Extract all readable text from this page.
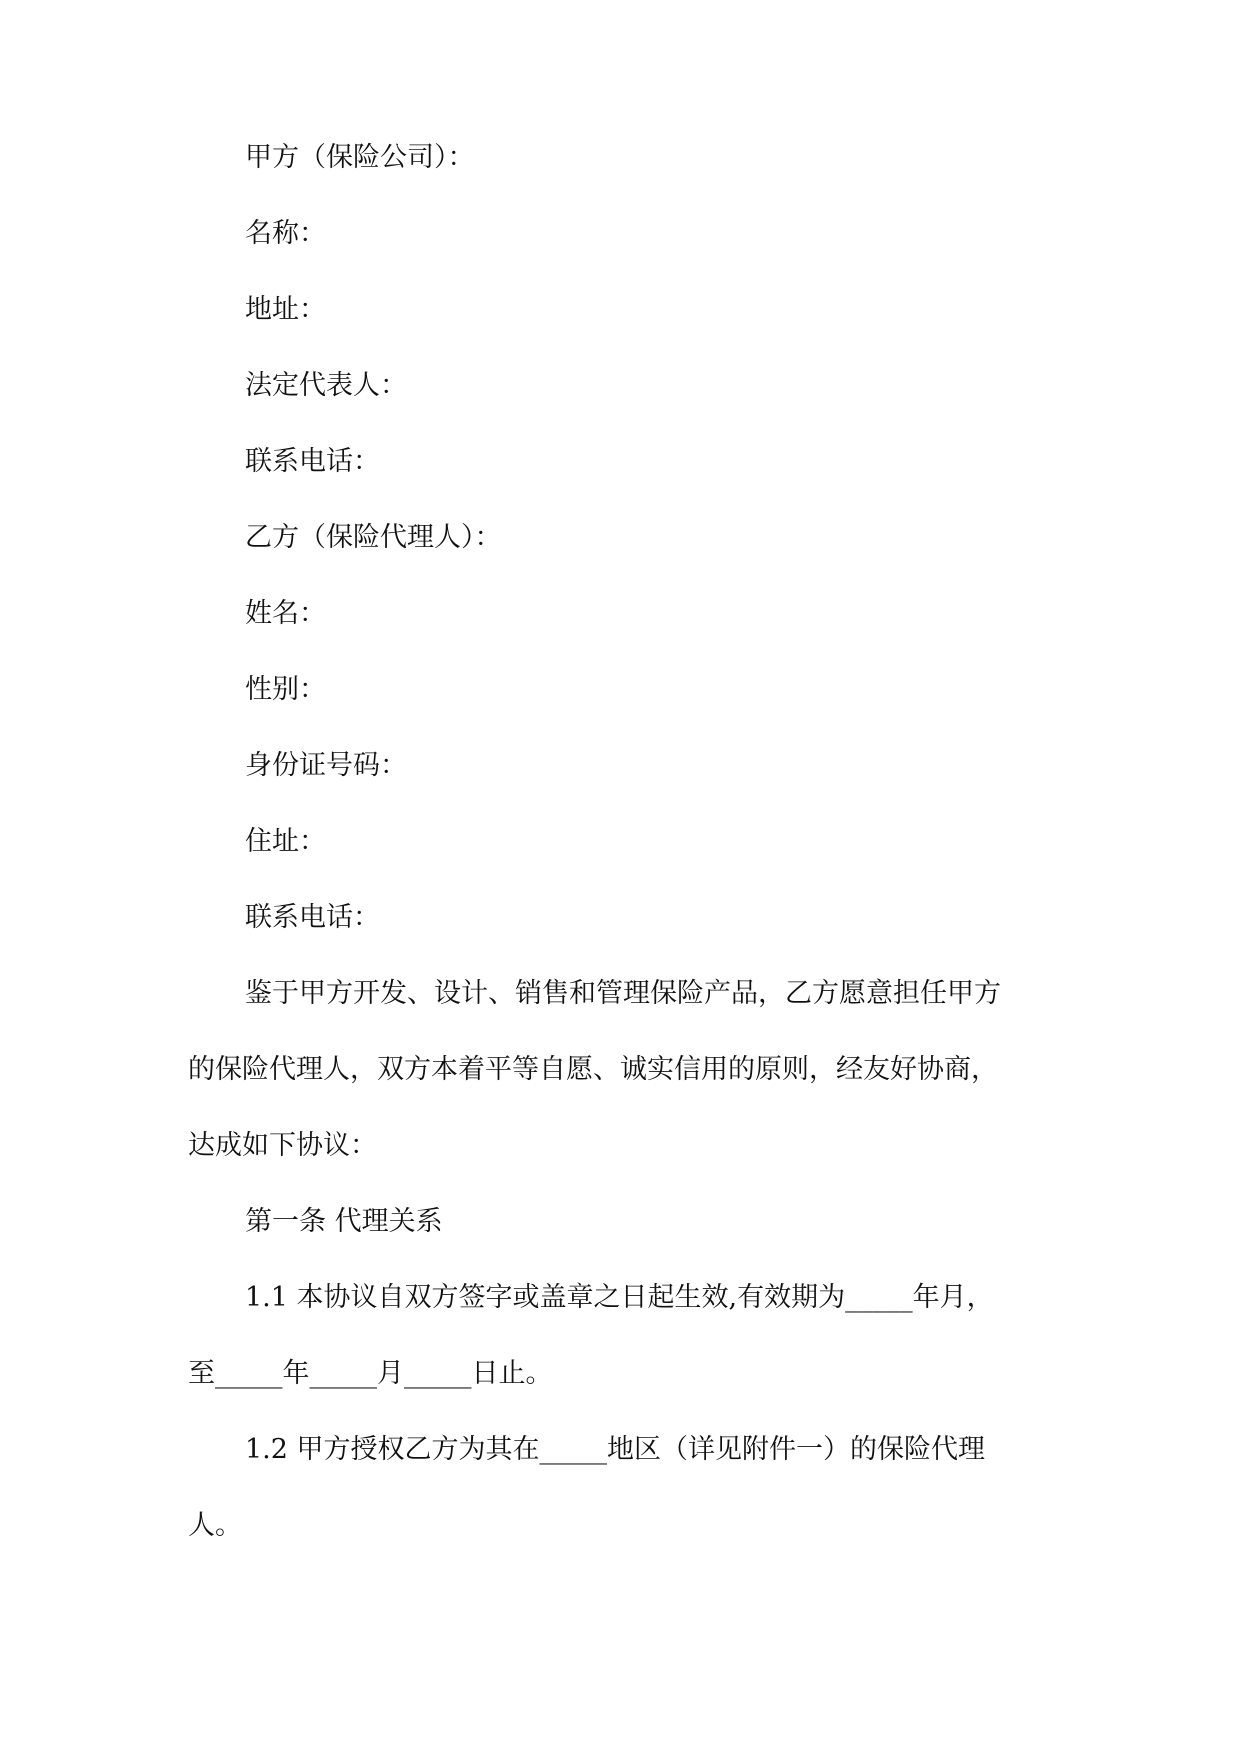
甲方（保险公司）：
名称：
地址：
法定代表人：
联系电话：
乙方（保险代理人）：
姓名：
性别：
身份证号码：
住址：
联系电话：
鉴于甲方开发、设计、销售和管理保险产品，乙方愿意担任甲方
的保险代理人，双方本着平等自愿、诚实信用的原则，经友好协商，
达成如下协议：
第一条 代理关系
1.1 本协议自双方签字或盖章之日起生效,有效期为_____年月，
至_____年_____月_____日止。
1.2 甲方授权乙方为其在_____地区（详见附件一）的保险代理
人。
